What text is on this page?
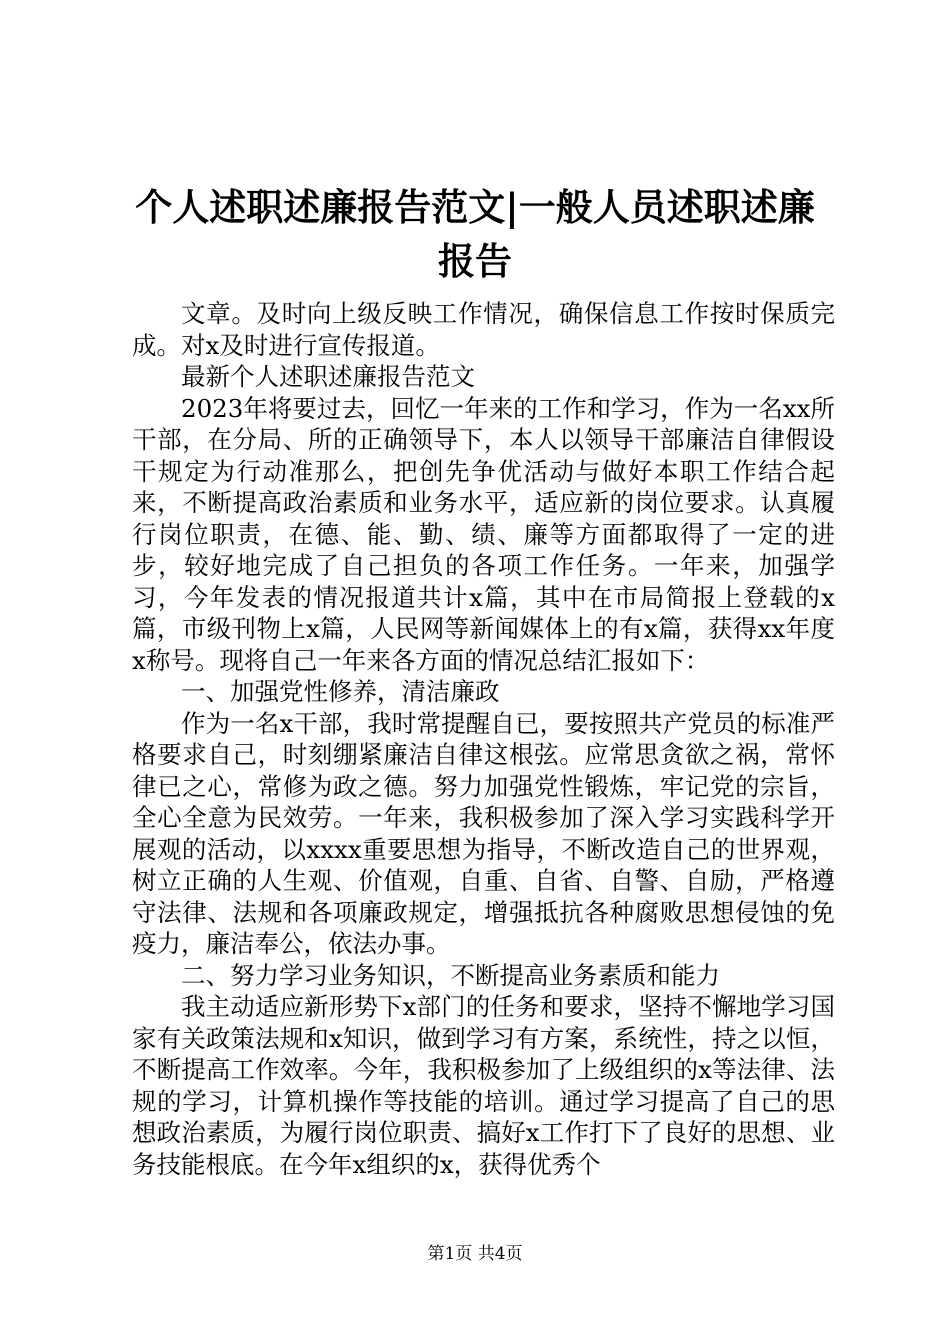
个人述职述廉报告范文|一般人员述职述廉报告

文章。及时向上级反映工作情况，确保信息工作按时保质完成。对x及时进行宣传报道。

最新个人述职述廉报告范文

2023年将要过去，回忆一年来的工作和学习，作为一名xx所干部，在分局、所的正确领导下，本人以领导干部廉洁自律假设干规定为行动准那么，把创先争优活动与做好本职工作结合起来，不断提高政治素质和业务水平，适应新的岗位要求。认真履行岗位职责，在德、能、勤、绩、廉等方面都取得了一定的进步，较好地完成了自己担负的各项工作任务。一年来，加强学习，今年发表的情况报道共计x篇，其中在市局简报上登载的x篇，市级刊物上x篇，人民网等新闻媒体上的有x篇，获得xx年度x称号。现将自己一年来各方面的情况总结汇报如下：

一、加强党性修养，清洁廉政

作为一名x干部，我时常提醒自已，要按照共产党员的标准严格要求自己，时刻绷紧廉洁自律这根弦。应常思贪欲之祸，常怀律已之心，常修为政之德。努力加强党性锻炼，牢记党的宗旨，全心全意为民效劳。一年来，我积极参加了深入学习实践科学开展观的活动，以xxxx重要思想为指导，不断改造自己的世界观，树立正确的人生观、价值观，自重、自省、自警、自励，严格遵守法律、法规和各项廉政规定，增强抵抗各种腐败思想侵蚀的免疫力，廉洁奉公，依法办事。

二、努力学习业务知识，不断提高业务素质和能力

我主动适应新形势下x部门的任务和要求，坚持不懈地学习国家有关政策法规和x知识，做到学习有方案，系统性，持之以恒，不断提高工作效率。今年，我积极参加了上级组织的x等法律、法规的学习，计算机操作等技能的培训。通过学习提高了自己的思想政治素质，为履行岗位职责、搞好x工作打下了良好的思想、业务技能根底。在今年x组织的x，获得优秀个

第1页 共4页
